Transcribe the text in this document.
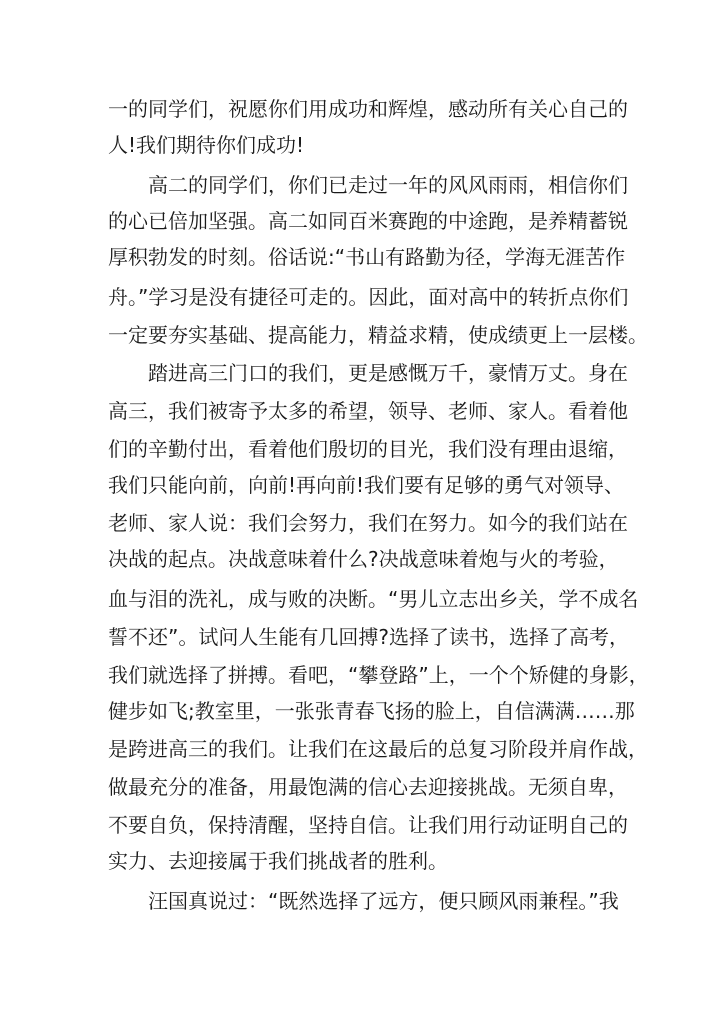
一的同学们，祝愿你们用成功和辉煌，感动所有关心自己的
人!我们期待你们成功!
高二的同学们，你们已走过一年的风风雨雨，相信你们
的心已倍加坚强。高二如同百米赛跑的中途跑，是养精蓄锐
厚积勃发的时刻。俗话说:“书山有路勤为径，学海无涯苦作
舟。”学习是没有捷径可走的。因此，面对高中的转折点你们
一定要夯实基础、提高能力，精益求精，使成绩更上一层楼。
踏进高三门口的我们，更是感慨万千，豪情万丈。身在
高三，我们被寄予太多的希望，领导、老师、家人。看着他
们的辛勤付出，看着他们殷切的目光，我们没有理由退缩，
我们只能向前，向前!再向前!我们要有足够的勇气对领导、
老师、家人说：我们会努力，我们在努力。如今的我们站在
决战的起点。决战意味着什么?决战意味着炮与火的考验，
血与泪的洗礼，成与败的决断。“男儿立志出乡关，学不成名
誓不还”。试问人生能有几回搏?选择了读书，选择了高考，
我们就选择了拼搏。看吧，“攀登路”上，一个个矫健的身影，
健步如飞;教室里，一张张青春飞扬的脸上，自信满满……那
是跨进高三的我们。让我们在这最后的总复习阶段并肩作战，
做最充分的准备，用最饱满的信心去迎接挑战。无须自卑，
不要自负，保持清醒，坚持自信。让我们用行动证明自己的
实力、去迎接属于我们挑战者的胜利。
汪国真说过：“既然选择了远方，便只顾风雨兼程。”我
